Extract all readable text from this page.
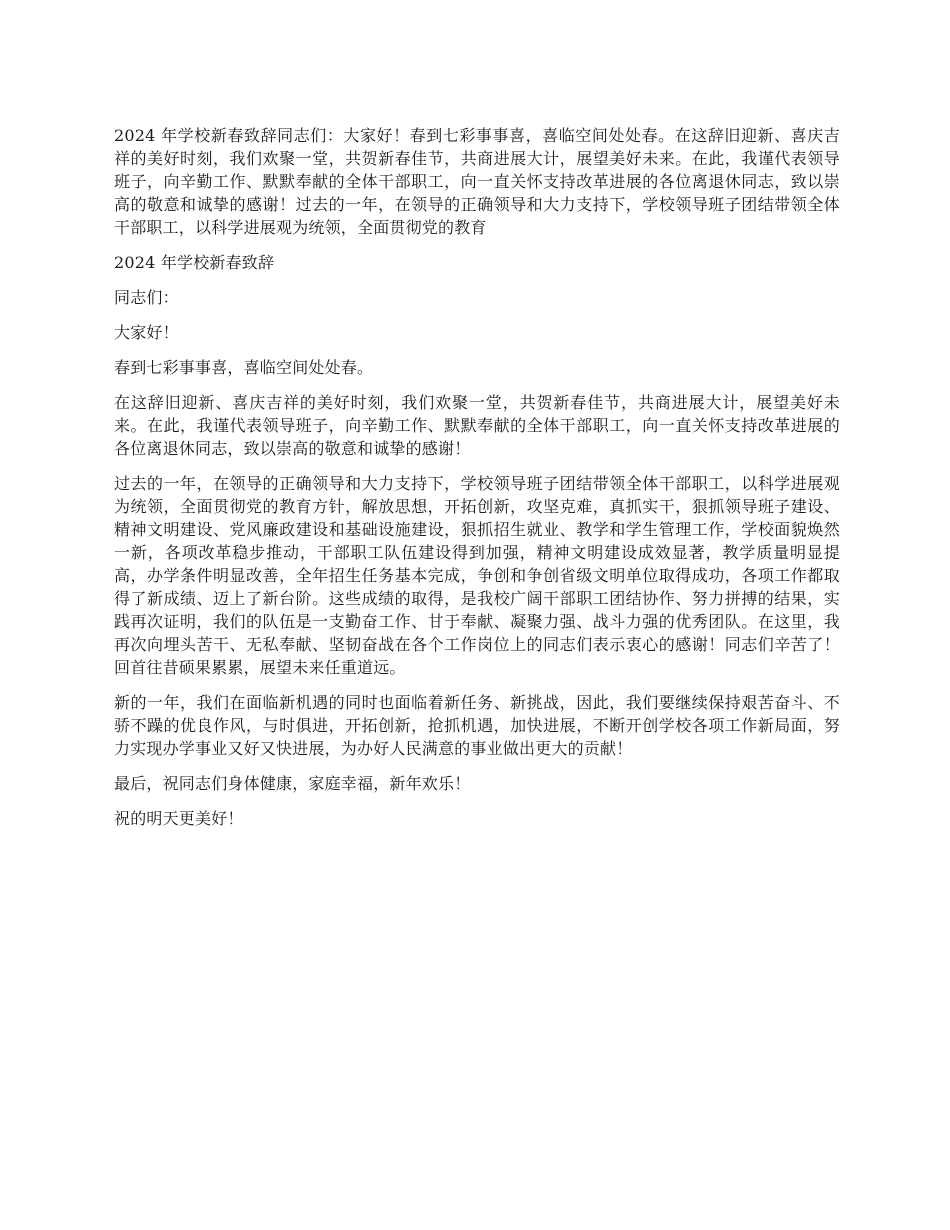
2024 年学校新春致辞同志们：大家好！春到七彩事事喜，喜临空间处处春。在这辞旧迎新、喜庆吉祥的美好时刻，我们欢聚一堂，共贺新春佳节，共商进展大计，展望美好未来。在此，我谨代表领导班子，向辛勤工作、默默奉献的全体干部职工，向一直关怀支持改革进展的各位离退休同志，致以崇高的敬意和诚挚的感谢！过去的一年，在领导的正确领导和大力支持下，学校领导班子团结带领全体干部职工，以科学进展观为统领，全面贯彻党的教育

2024 年学校新春致辞

同志们：

大家好！

春到七彩事事喜，喜临空间处处春。

在这辞旧迎新、喜庆吉祥的美好时刻，我们欢聚一堂，共贺新春佳节，共商进展大计，展望美好未来。在此，我谨代表领导班子，向辛勤工作、默默奉献的全体干部职工，向一直关怀支持改革进展的各位离退休同志，致以崇高的敬意和诚挚的感谢！

过去的一年，在领导的正确领导和大力支持下，学校领导班子团结带领全体干部职工，以科学进展观为统领，全面贯彻党的教育方针，解放思想，开拓创新，攻坚克难，真抓实干，狠抓领导班子建设、精神文明建设、党风廉政建设和基础设施建设，狠抓招生就业、教学和学生管理工作，学校面貌焕然一新，各项改革稳步推动，干部职工队伍建设得到加强，精神文明建设成效显著，教学质量明显提高，办学条件明显改善，全年招生任务基本完成，争创和争创省级文明单位取得成功，各项工作都取得了新成绩、迈上了新台阶。这些成绩的取得，是我校广阔干部职工团结协作、努力拼搏的结果，实践再次证明，我们的队伍是一支勤奋工作、甘于奉献、凝聚力强、战斗力强的优秀团队。在这里，我再次向埋头苦干、无私奉献、坚韧奋战在各个工作岗位上的同志们表示衷心的感谢！同志们辛苦了！回首往昔硕果累累，展望未来任重道远。

新的一年，我们在面临新机遇的同时也面临着新任务、新挑战，因此，我们要继续保持艰苦奋斗、不骄不躁的优良作风，与时俱进，开拓创新，抢抓机遇，加快进展，不断开创学校各项工作新局面，努力实现办学事业又好又快进展，为办好人民满意的事业做出更大的贡献！

最后，祝同志们身体健康，家庭幸福，新年欢乐！

祝的明天更美好！
